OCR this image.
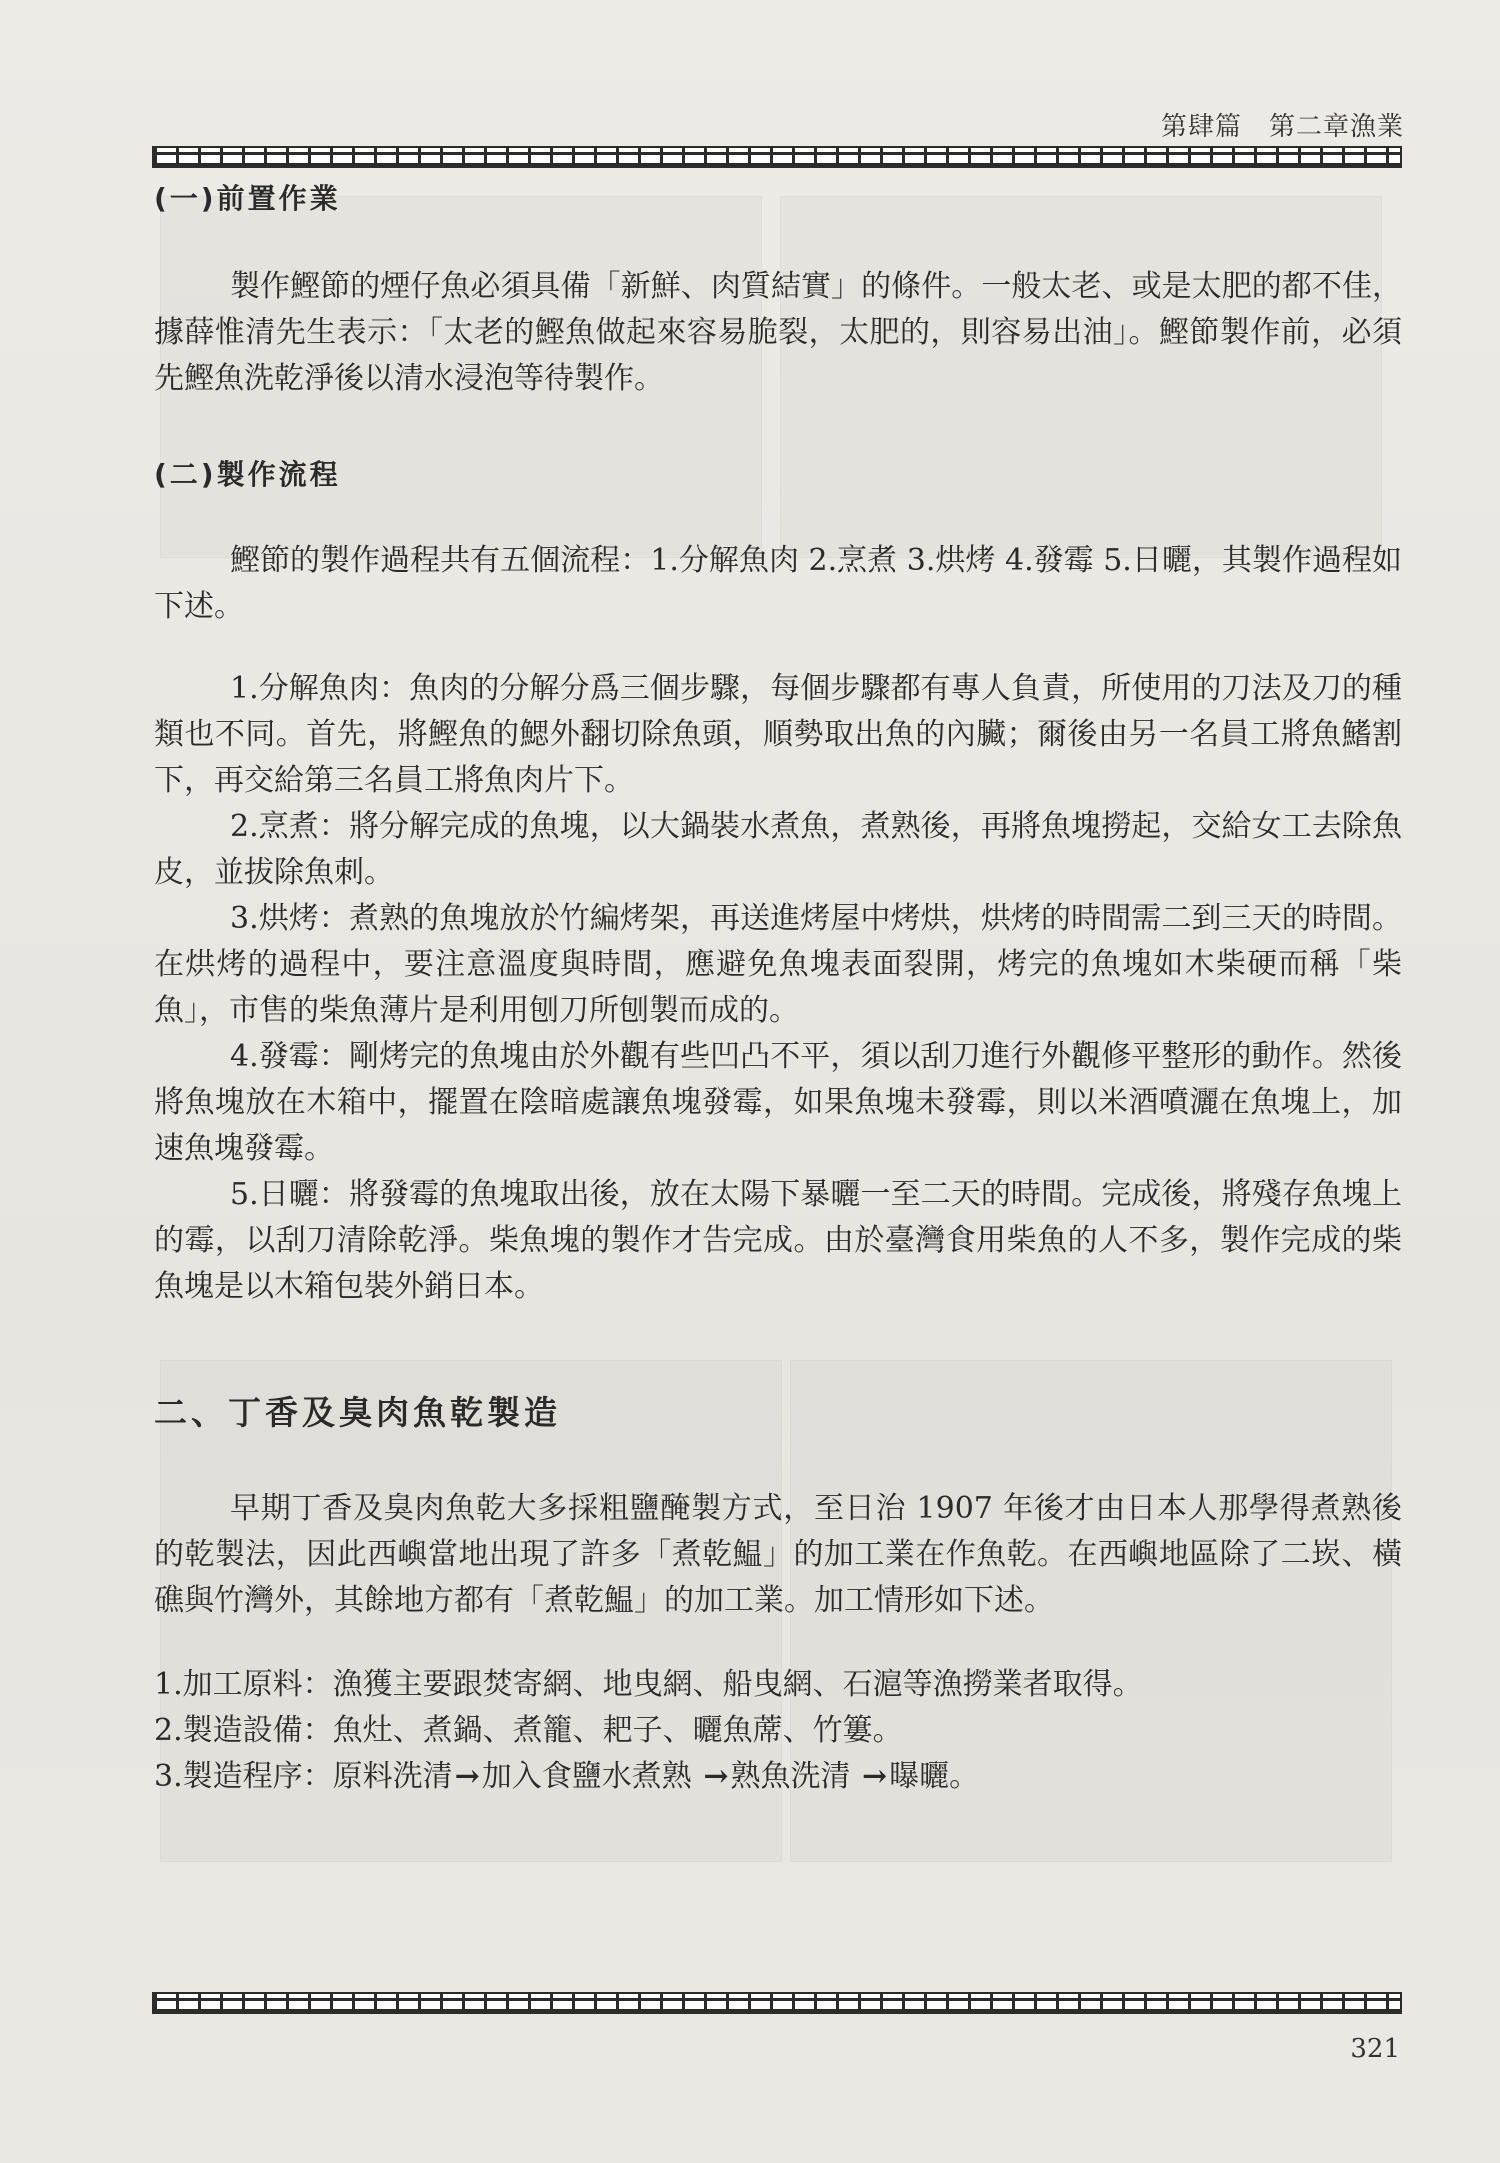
第肆篇　第二章漁業
(一)前置作業

製作鰹節的煙仔魚必須具備「新鮮、肉質結實」的條件。一般太老、或是太肥的都不佳，據薛惟清先生表示：「太老的鰹魚做起來容易脆裂，太肥的，則容易出油」。鰹節製作前，必須先鰹魚洗乾淨後以清水浸泡等待製作。

(二)製作流程

鰹節的製作過程共有五個流程：1.分解魚肉 2.烹煮 3.烘烤 4.發霉 5.日曬，其製作過程如下述。

1.分解魚肉：魚肉的分解分爲三個步驟，每個步驟都有專人負責，所使用的刀法及刀的種類也不同。首先，將鰹魚的鰓外翻切除魚頭，順勢取出魚的內臟；爾後由另一名員工將魚鰭割下，再交給第三名員工將魚肉片下。

2.烹煮：將分解完成的魚塊，以大鍋裝水煮魚，煮熟後，再將魚塊撈起，交給女工去除魚皮，並拔除魚刺。

3.烘烤：煮熟的魚塊放於竹編烤架，再送進烤屋中烤烘，烘烤的時間需二到三天的時間。在烘烤的過程中，要注意溫度與時間，應避免魚塊表面裂開，烤完的魚塊如木柴硬而稱「柴魚」，市售的柴魚薄片是利用刨刀所刨製而成的。

4.發霉：剛烤完的魚塊由於外觀有些凹凸不平，須以刮刀進行外觀修平整形的動作。然後將魚塊放在木箱中，擺置在陰暗處讓魚塊發霉，如果魚塊未發霉，則以米酒噴灑在魚塊上，加速魚塊發霉。

5.日曬：將發霉的魚塊取出後，放在太陽下暴曬一至二天的時間。完成後，將殘存魚塊上的霉，以刮刀清除乾淨。柴魚塊的製作才告完成。由於臺灣食用柴魚的人不多，製作完成的柴魚塊是以木箱包裝外銷日本。

二、丁香及臭肉魚乾製造

早期丁香及臭肉魚乾大多採粗鹽醃製方式，至日治 1907 年後才由日本人那學得煮熟後的乾製法，因此西嶼當地出現了許多「煮乾鰛」的加工業在作魚乾。在西嶼地區除了二崁、橫礁與竹灣外，其餘地方都有「煮乾鰛」的加工業。加工情形如下述。

1.加工原料：漁獲主要跟焚寄網、地曳網、船曳網、石滬等漁撈業者取得。

2.製造設備：魚灶、煮鍋、煮籠、耙子、曬魚蓆、竹簍。

3.製造程序：原料洗清→加入食鹽水煮熟 →熟魚洗清 →曝曬。

321
